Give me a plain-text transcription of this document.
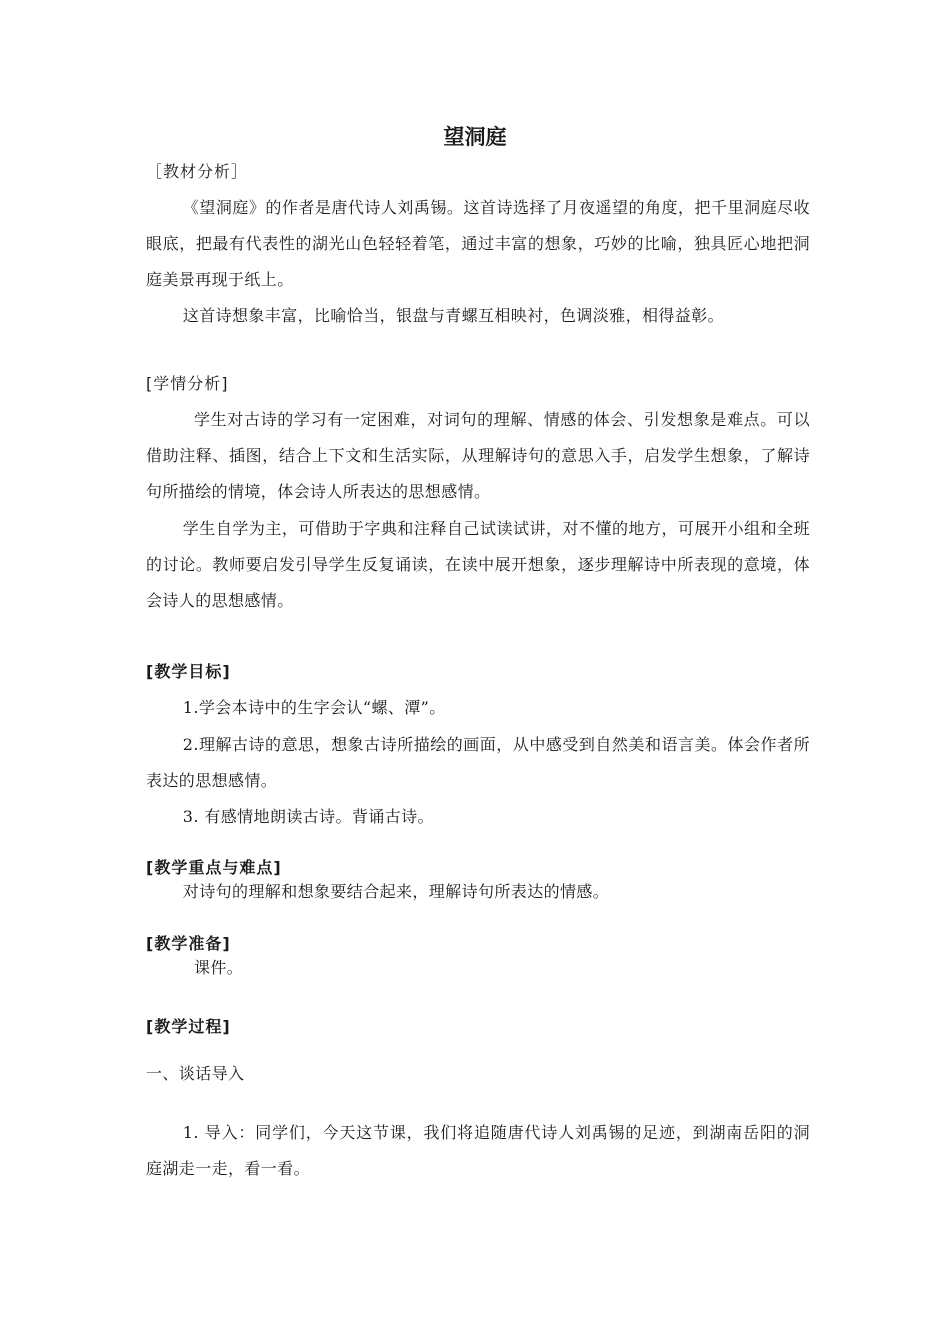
望洞庭
［教材分析］

《望洞庭》的作者是唐代诗人刘禹锡。这首诗选择了月夜遥望的角度，把千里洞庭尽收眼底，把最有代表性的湖光山色轻轻着笔，通过丰富的想象，巧妙的比喻，独具匠心地把洞庭美景再现于纸上。

这首诗想象丰富，比喻恰当，银盘与青螺互相映衬，色调淡雅，相得益彰。

[学情分析]

学生对古诗的学习有一定困难，对词句的理解、情感的体会、引发想象是难点。可以借助注释、插图，结合上下文和生活实际，从理解诗句的意思入手，启发学生想象，了解诗句所描绘的情境，体会诗人所表达的思想感情。

学生自学为主，可借助于字典和注释自己试读试讲，对不懂的地方，可展开小组和全班的讨论。教师要启发引导学生反复诵读，在读中展开想象，逐步理解诗中所表现的意境，体会诗人的思想感情。

[教学目标]

1.学会本诗中的生字会认“螺、潭”。

2.理解古诗的意思，想象古诗所描绘的画面，从中感受到自然美和语言美。体会作者所表达的思想感情。

3. 有感情地朗读古诗。背诵古诗。

[教学重点与难点]

对诗句的理解和想象要结合起来，理解诗句所表达的情感。

[教学准备]

课件。

[教学过程]
一、谈话导入

1. 导入：同学们，今天这节课，我们将追随唐代诗人刘禹锡的足迹，到湖南岳阳的洞庭湖走一走，看一看。
